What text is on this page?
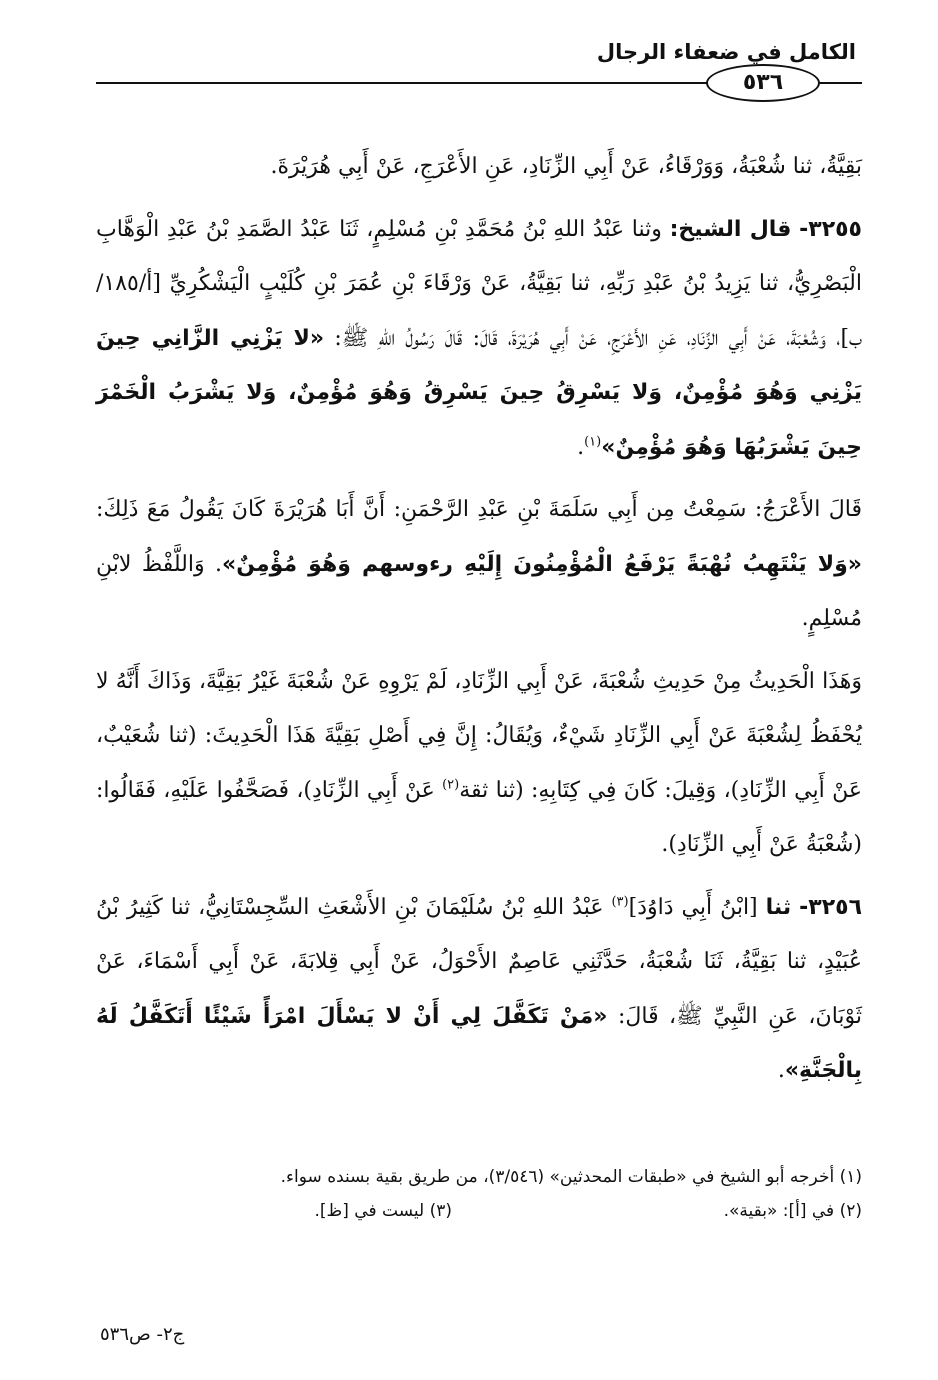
الكامل في ضعفاء الرجال
٥٣٦

بَقِيَّةُ، ثنا شُعْبَةُ، وَوَرْقَاءُ، عَنْ أَبِي الزِّنَادِ، عَنِ الأَعْرَجِ، عَنْ أَبِي هُرَيْرَةَ.

٣٢٥٥- قال الشيخ: وثنا عَبْدُ اللهِ بْنُ مُحَمَّدِ بْنِ مُسْلِمٍ، ثَنَا عَبْدُ الصَّمَدِ بْنُ عَبْدِ الْوَهَّابِ الْبَصْرِيُّ، ثنا يَزِيدُ بْنُ عَبْدِ رَبِّهِ، ثنا بَقِيَّةُ، عَنْ وَرْقَاءَ بْنِ عُمَرَ بْنِ كُلَيْبٍ الْيَشْكُرِيِّ [أ/١٨٥/ب]، وَشُعْبَةَ، عَنْ أَبِي الزِّنَادِ، عَنِ الأَعْرَجِ، عَنْ أَبِي هُرَيْرَةَ، قَالَ: قَالَ رَسُولُ اللهِ ﷺ: «لا يَزْنِي الزَّانِي حِينَ يَزْنِي وَهُوَ مُؤْمِنٌ، وَلا يَسْرِقُ حِينَ يَسْرِقُ وَهُوَ مُؤْمِنٌ، وَلا يَشْرَبُ الْخَمْرَ حِينَ يَشْرَبُهَا وَهُوَ مُؤْمِنٌ»$^{(١)}$.

قَالَ الأَعْرَجُ: سَمِعْتُ مِن أَبِي سَلَمَةَ بْنِ عَبْدِ الرَّحْمَنِ: أَنَّ أَبَا هُرَيْرَةَ كَانَ يَقُولُ مَعَ ذَلِكَ: «وَلا يَنْتَهِبُ نُهْبَةً يَرْفَعُ الْمُؤْمِنُونَ إِلَيْهِ رءوسهم وَهُوَ مُؤْمِنٌ». وَاللَّفْظُ لابْنِ مُسْلِمٍ.

وَهَذَا الْحَدِيثُ مِنْ حَدِيثِ شُعْبَةَ، عَنْ أَبِي الزِّنَادِ، لَمْ يَرْوِهِ عَنْ شُعْبَةَ غَيْرُ بَقِيَّةَ، وَذَاكَ أَنَّهُ لا يُحْفَظُ لِشُعْبَةَ عَنْ أَبِي الزِّنَادِ شَيْءٌ، وَيُقَالُ: إِنَّ فِي أَصْلِ بَقِيَّةَ هَذَا الْحَدِيثَ: (ثنا شُعَيْبٌ، عَنْ أَبِي الزِّنَادِ)، وَقِيلَ: كَانَ فِي كِتَابِهِ: (ثنا ثقة$^{(٢)}$ عَنْ أَبِي الزِّنَادِ)، فَصَحَّفُوا عَلَيْهِ، فَقَالُوا: (شُعْبَةُ عَنْ أَبِي الزِّنَادِ).

٣٢٥٦- ثنا [ابْنُ أَبِي دَاوُدَ]$^{(٣)}$ عَبْدُ اللهِ بْنُ سُلَيْمَانَ بْنِ الأَشْعَثِ السِّجِسْتَانِيُّ، ثنا كَثِيرُ بْنُ عُبَيْدٍ، ثنا بَقِيَّةُ، ثَنَا شُعْبَةُ، حَدَّثَنِي عَاصِمٌ الأَحْوَلُ، عَنْ أَبِي قِلابَةَ، عَنْ أَبِي أَسْمَاءَ، عَنْ ثَوْبَانَ، عَنِ النَّبِيِّ ﷺ، قَالَ: «مَنْ تَكَفَّلَ لِي أَنْ لا يَسْأَلَ امْرَأً شَيْئًا أَتَكَفَّلُ لَهُ بِالْجَنَّةِ».

(١) أخرجه أبو الشيخ في «طبقات المحدثين» (٣/٥٤٦)، من طريق بقية بسنده سواء.
(٢) في [أ]: «بقية».
(٣) ليست في [ظ].
ج٢- ص٥٣٦
